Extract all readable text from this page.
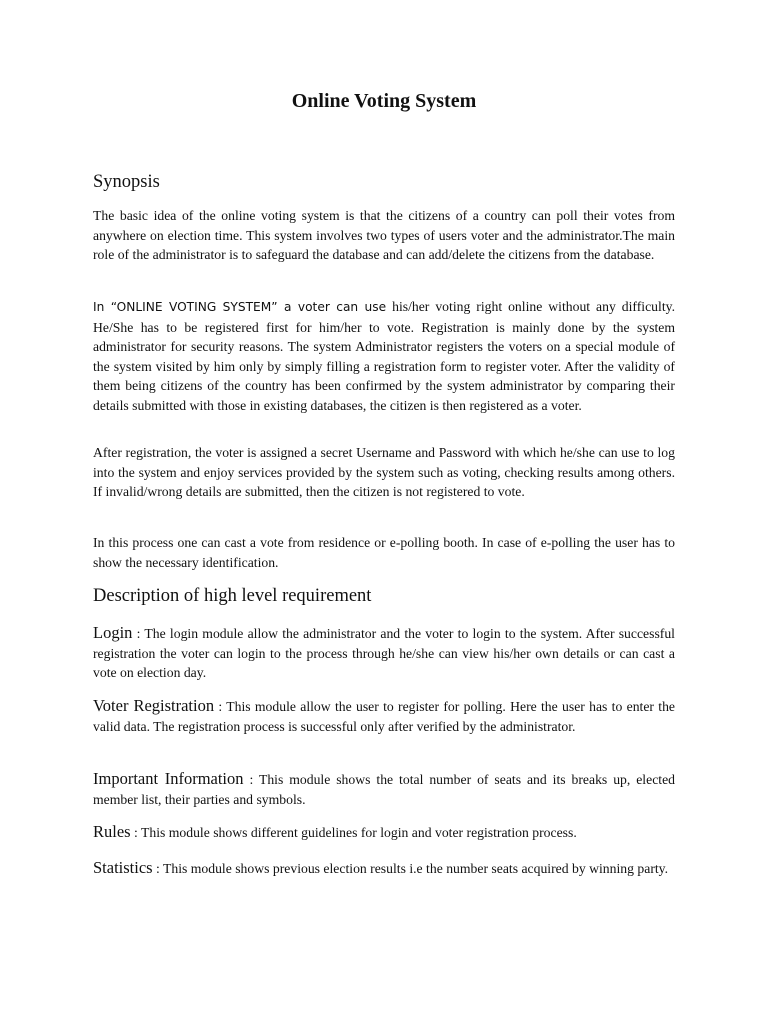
Online Voting System
Synopsis

The basic idea of the online voting system is that the citizens of a country can poll their votes from anywhere on election time. This system involves two types of users voter and the administrator.The main role of the administrator is to safeguard the database and can add/delete the citizens from the database.

In “ONLINE VOTING SYSTEM” a voter can use his/her voting right online without any difficulty. He/She has to be registered first for him/her to vote. Registration is mainly done by the system administrator for security reasons. The system Administrator registers the voters on a special module of the system visited by him only by simply filling a registration form to register voter. After the validity of them being citizens of the country has been confirmed by the system administrator by comparing their details submitted with those in existing databases, the citizen is then registered as a voter.

After registration, the voter is assigned a secret Username and Password with which he/she can use to log into the system and enjoy services provided by the system such as voting, checking results among others. If invalid/wrong details are submitted, then the citizen is not registered to vote.

In this process one can cast a vote from residence or e-polling booth. In case of e-polling the user has to show the necessary identification.

Description of high level requirement

Login : The login module allow the administrator and the voter to login to the system. After successful registration the voter can login to the process through he/she can view his/her own details or can cast a vote on election day.

Voter Registration : This module allow the user to register for polling. Here the user has to enter the valid data. The registration process is successful only after verified by the administrator.

Important Information : This module shows the total number of seats and its breaks up, elected member list, their parties and symbols.

Rules : This module shows different guidelines for login and voter registration process.

Statistics : This module shows previous election results i.e the number seats acquired by winning party.
